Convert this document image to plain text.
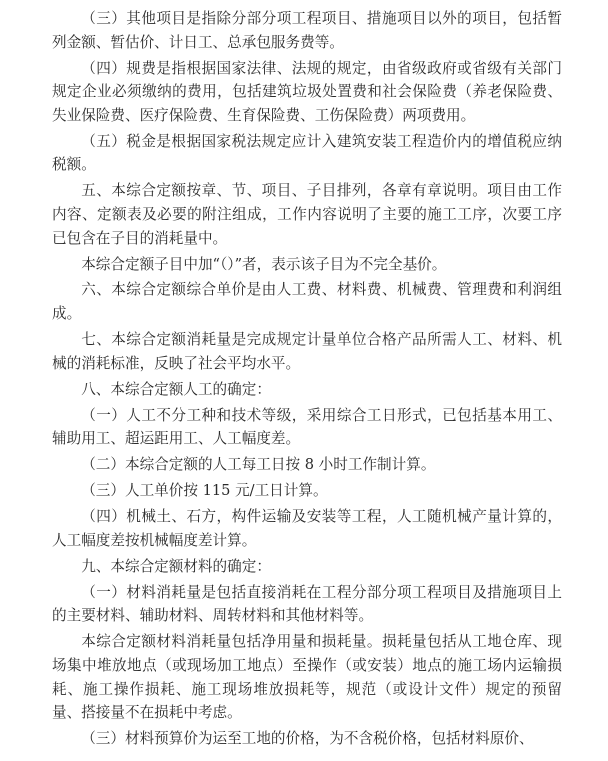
（三）其他项目是指除分部分项工程项目、措施项目以外的项目，包括暂列金额、暂估价、计日工、总承包服务费等。

（四）规费是指根据国家法律、法规的规定，由省级政府或省级有关部门规定企业必须缴纳的费用，包括建筑垃圾处置费和社会保险费（养老保险费、失业保险费、医疗保险费、生育保险费、工伤保险费）两项费用。

（五）税金是根据国家税法规定应计入建筑安装工程造价内的增值税应纳税额。

五、本综合定额按章、节、项目、子目排列，各章有章说明。项目由工作内容、定额表及必要的附注组成，工作内容说明了主要的施工工序，次要工序已包含在子目的消耗量中。

本综合定额子目中加“（）”者，表示该子目为不完全基价。

六、本综合定额综合单价是由人工费、材料费、机械费、管理费和利润组成。

七、本综合定额消耗量是完成规定计量单位合格产品所需人工、材料、机械的消耗标准，反映了社会平均水平。

八、本综合定额人工的确定：

（一）人工不分工种和技术等级，采用综合工日形式，已包括基本用工、辅助用工、超运距用工、人工幅度差。

（二）本综合定额的人工每工日按 8 小时工作制计算。

（三）人工单价按 115 元/工日计算。

（四）机械土、石方，构件运输及安装等工程，人工随机械产量计算的，人工幅度差按机械幅度差计算。

九、本综合定额材料的确定：

（一）材料消耗量是包括直接消耗在工程分部分项工程项目及措施项目上的主要材料、辅助材料、周转材料和其他材料等。

本综合定额材料消耗量包括净用量和损耗量。损耗量包括从工地仓库、现场集中堆放地点（或现场加工地点）至操作（或安装）地点的施工场内运输损耗、施工操作损耗、施工现场堆放损耗等，规范（或设计文件）规定的预留量、搭接量不在损耗中考虑。

（三）材料预算价为运至工地的价格，为不含税价格，包括材料原价、
